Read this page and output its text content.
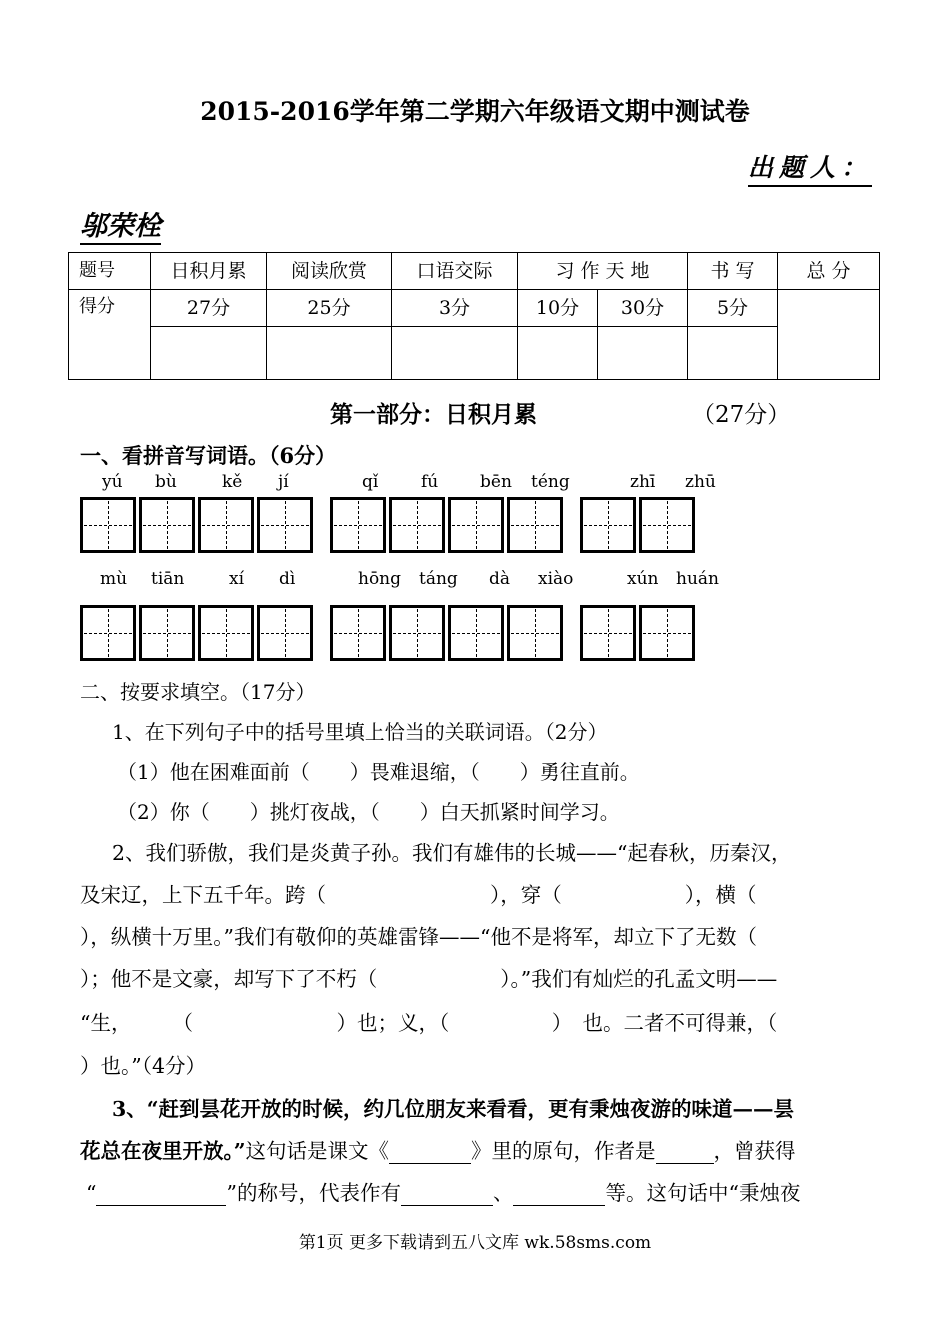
2015-2016学年第二学期六年级语文期中测试卷
出题人：
邬荣栓
题号	日积月累	阅读欣赏	口语交际	习 作 天 地		书 写	总 分
得分	27分	25分	3分	10分	30分	5分	

第一部分：日积月累	（27分）
一、看拼音写词语。（6分）
yú bù	kě jí	qǐ	fú bēn téng	zhī zhū
mù tiān	xí dì	hōng táng dà xiào	xún huán
二、按要求填空。（17分）
1、在下列句子中的括号里填上恰当的关联词语。（2分）
（1）他在困难面前（　　）畏难退缩，（　　）勇往直前。
（2）你（　　）挑灯夜战，（　　）白天抓紧时间学习。
2、我们骄傲，我们是炎黄子孙。我们有雄伟的长城——“起春秋，历秦汉，
及宋辽，上下五千年。跨（　　　　　　　　），穿（　　　　　　），横（
），纵横十万里。”我们有敬仰的英雄雷锋——“他不是将军，却立下了无数（
）；他不是文豪，却写下了不朽（　　　　　　）。”我们有灿烂的孔孟文明——
“生，　　　（　　　　　　　）也；义，（　　　　　）　也。二者不可得兼，（
）也。”（4分）
3、“赶到昙花开放的时候，约几位朋友来看看，更有秉烛夜游的味道——昙
花总在夜里开放。”这句话是课文《	》里的原句，作者是	，曾获得
“	”的称号，代表作有	、	等。这句话中“秉烛夜
第1页 更多下载请到五八文库 wk.58sms.com
